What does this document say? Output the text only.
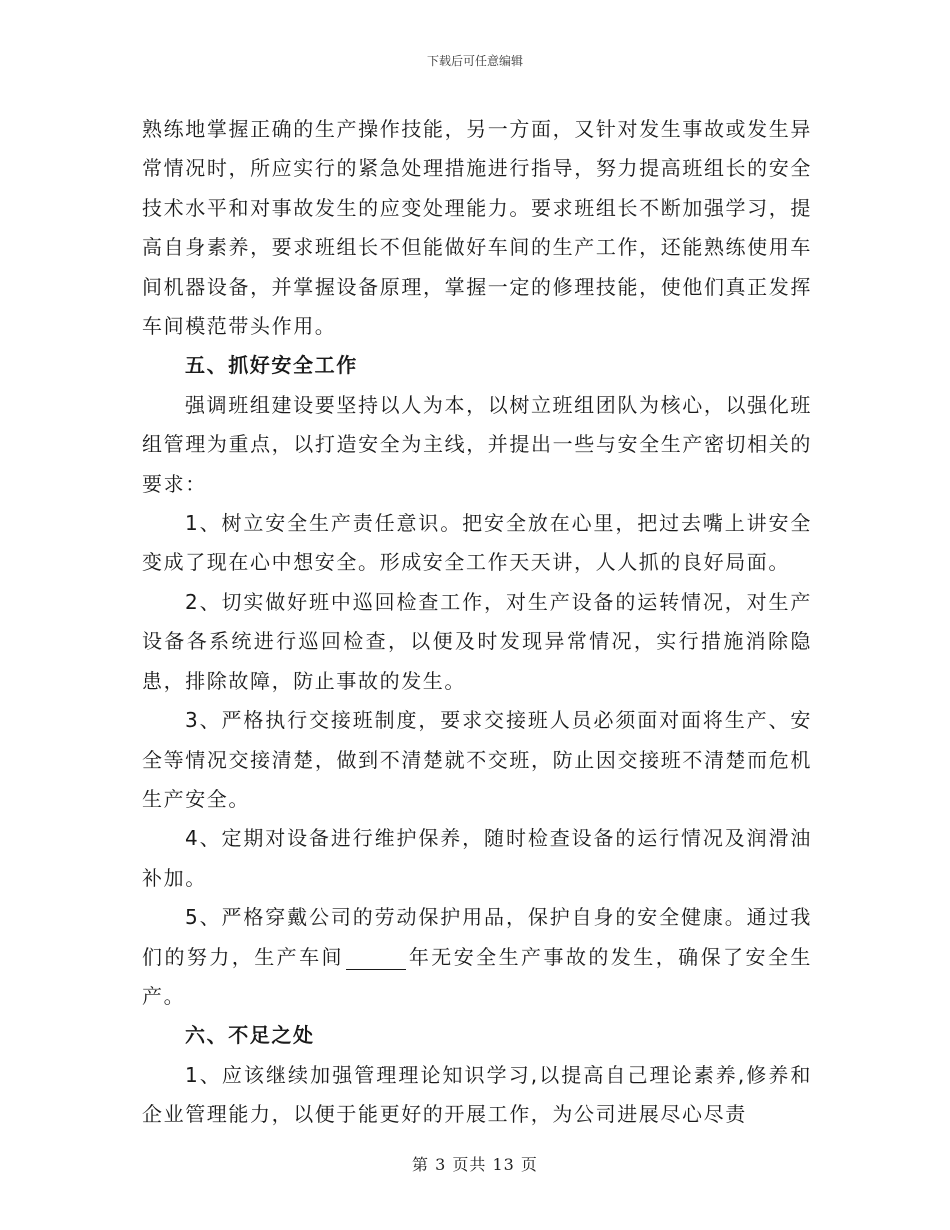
下载后可任意编辑

熟练地掌握正确的生产操作技能，另一方面，又针对发生事故或发生异常情况时，所应实行的紧急处理措施进行指导，努力提高班组长的安全技术水平和对事故发生的应变处理能力。要求班组长不断加强学习，提高自身素养，要求班组长不但能做好车间的生产工作，还能熟练使用车间机器设备，并掌握设备原理，掌握一定的修理技能，使他们真正发挥车间模范带头作用。

五、抓好安全工作

强调班组建设要坚持以人为本，以树立班组团队为核心，以强化班组管理为重点，以打造安全为主线，并提出一些与安全生产密切相关的要求：

1、树立安全生产责任意识。把安全放在心里，把过去嘴上讲安全变成了现在心中想安全。形成安全工作天天讲，人人抓的良好局面。

2、切实做好班中巡回检查工作，对生产设备的运转情况，对生产设备各系统进行巡回检查，以便及时发现异常情况，实行措施消除隐患，排除故障，防止事故的发生。

3、严格执行交接班制度，要求交接班人员必须面对面将生产、安全等情况交接清楚，做到不清楚就不交班，防止因交接班不清楚而危机生产安全。

4、定期对设备进行维护保养，随时检查设备的运行情况及润滑油补加。

5、严格穿戴公司的劳动保护用品，保护自身的安全健康。通过我们的努力，生产车间	年无安全生产事故的发生，确保了安全生产。

六、不足之处

1、应该继续加强管理理论知识学习,以提高自己理论素养,修养和企业管理能力，以便于能更好的开展工作，为公司进展尽心尽责

第 3 页共 13 页
